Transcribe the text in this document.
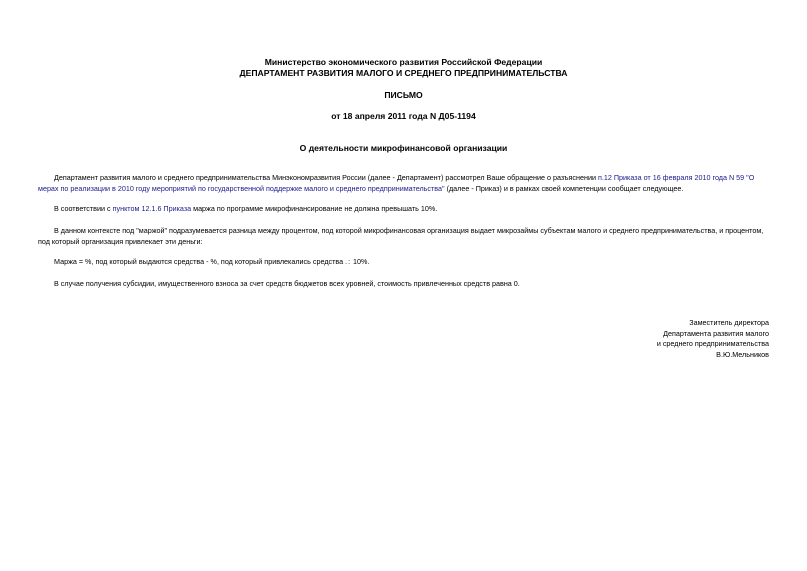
Министерство экономического развития Российской Федерации
ДЕПАРТАМЕНТ РАЗВИТИЯ МАЛОГО И СРЕДНЕГО ПРЕДПРИНИМАТЕЛЬСТВА
ПИСЬМО
от 18 апреля 2011 года N Д05-1194
О деятельности микрофинансовой организации
Департамент развития малого и среднего предпринимательства Минэкономразвития России (далее - Департамент) рассмотрел Ваше обращение о разъяснении п.12 Приказа от 16 февраля 2010 года N 59 "О мерах по реализации в 2010 году мероприятий по государственной поддержке малого и среднего предпринимательства" (далее - Приказ) и в рамках своей компетенции сообщает следующее.
В соответствии с пунктом 12.1.6 Приказа маржа по программе микрофинансирование не должна превышать 10%.
В данном контексте под "маржой" подразумевается разница между процентом, под которой микрофинансовая организация выдает микрозаймы субъектам малого и среднего предпринимательства, и процентом, под который организация привлекает эти деньги:
Маржа = %, под который выдаются средства - %, под который привлекались средства .: 10%.
В случае получения субсидии, имущественного взноса за счет средств бюджетов всех уровней, стоимость привлеченных средств равна 0.
Заместитель директора
Департамента развития малого
и среднего предпринимательства
В.Ю.Мельников
